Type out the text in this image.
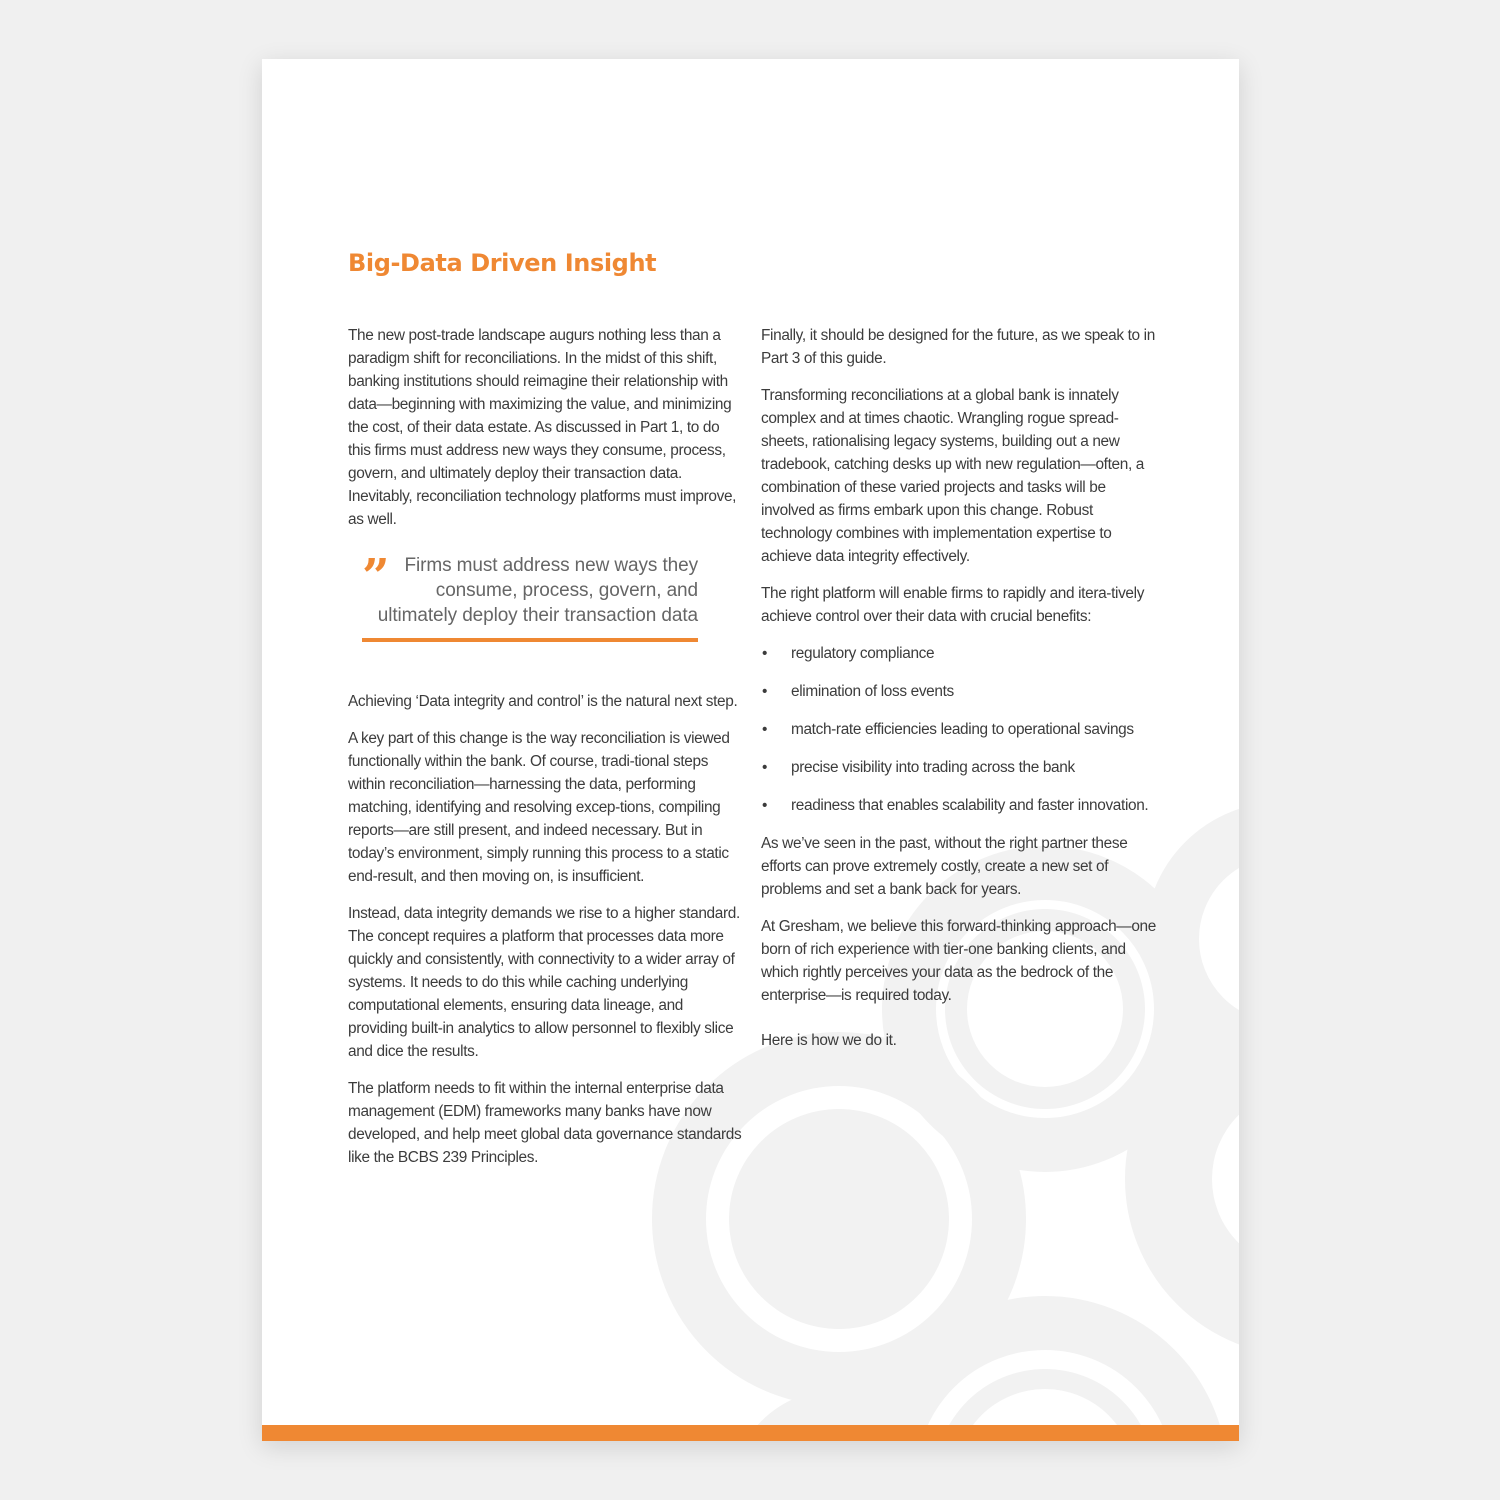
Big-Data Driven Insight

The new post-trade landscape augurs nothing less than a paradigm shift for reconciliations. In the midst of this shift, banking institutions should reimagine their relationship with data—beginning with maximizing the value, and minimizing the cost, of their data estate. As discussed in Part 1, to do this firms must address new ways they consume, process, govern, and ultimately deploy their transaction data. Inevitably, reconciliation technology platforms must improve, as well.

” Firms must address new ways they consume, process, govern, and ultimately deploy their transaction data

Achieving ‘Data integrity and control’ is the natural next step.

A key part of this change is the way reconciliation is viewed functionally within the bank. Of course, tradi-tional steps within reconciliation—harnessing the data, performing matching, identifying and resolving excep-tions, compiling reports—are still present, and indeed necessary. But in today’s environment, simply running this process to a static end-result, and then moving on, is insufficient.

Instead, data integrity demands we rise to a higher standard. The concept requires a platform that processes data more quickly and consistently, with connectivity to a wider array of systems. It needs to do this while caching underlying computational elements, ensuring data lineage, and providing built-in analytics to allow personnel to flexibly slice and dice the results.

The platform needs to fit within the internal enterprise data management (EDM) frameworks many banks have now developed, and help meet global data governance standards like the BCBS 239 Principles.

Finally, it should be designed for the future, as we speak to in Part 3 of this guide.

Transforming reconciliations at a global bank is innately complex and at times chaotic. Wrangling rogue spread-sheets, rationalising legacy systems, building out a new tradebook, catching desks up with new regulation—often, a combination of these varied projects and tasks will be involved as firms embark upon this change. Robust technology combines with implementation expertise to achieve data integrity effectively.

The right platform will enable firms to rapidly and itera-tively achieve control over their data with crucial benefits:

• regulatory compliance
• elimination of loss events
• match-rate efficiencies leading to operational savings
• precise visibility into trading across the bank
• readiness that enables scalability and faster innovation.

As we’ve seen in the past, without the right partner these efforts can prove extremely costly, create a new set of problems and set a bank back for years.

At Gresham, we believe this forward-thinking approach—one born of rich experience with tier-one banking clients, and which rightly perceives your data as the bedrock of the enterprise—is required today.

Here is how we do it.
